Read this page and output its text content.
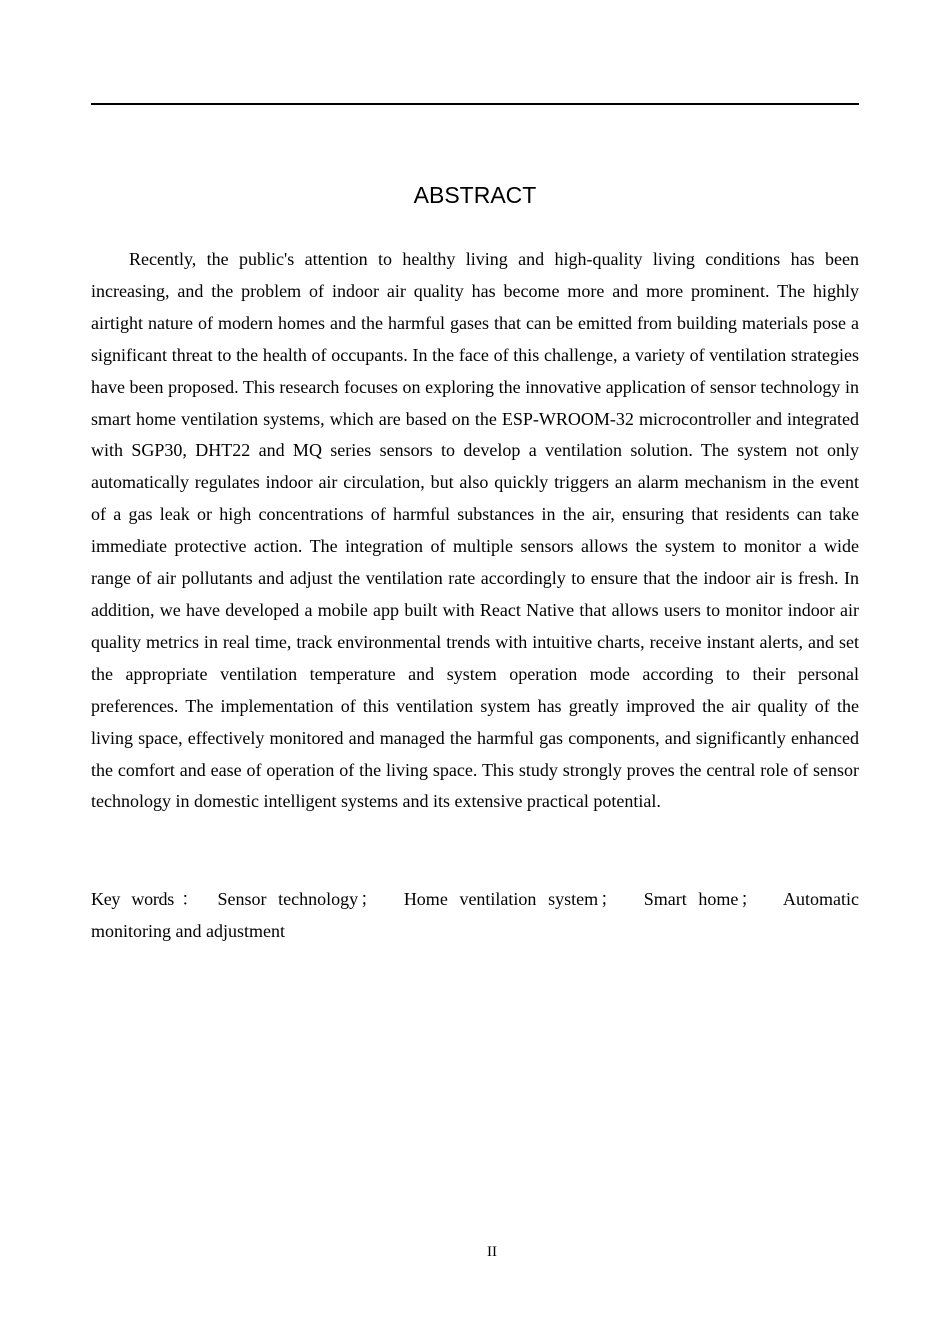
ABSTRACT

Recently, the public's attention to healthy living and high-quality living conditions has been increasing, and the problem of indoor air quality has become more and more prominent. The highly airtight nature of modern homes and the harmful gases that can be emitted from building materials pose a significant threat to the health of occupants. In the face of this challenge, a variety of ventilation strategies have been proposed. This research focuses on exploring the innovative application of sensor technology in smart home ventilation systems, which are based on the ESP-WROOM-32 microcontroller and integrated with SGP30, DHT22 and MQ series sensors to develop a ventilation solution. The system not only automatically regulates indoor air circulation, but also quickly triggers an alarm mechanism in the event of a gas leak or high concentrations of harmful substances in the air, ensuring that residents can take immediate protective action. The integration of multiple sensors allows the system to monitor a wide range of air pollutants and adjust the ventilation rate accordingly to ensure that the indoor air is fresh. In addition, we have developed a mobile app built with React Native that allows users to monitor indoor air quality metrics in real time, track environmental trends with intuitive charts, receive instant alerts, and set the appropriate ventilation temperature and system operation mode according to their personal preferences. The implementation of this ventilation system has greatly improved the air quality of the living space, effectively monitored and managed the harmful gas components, and significantly enhanced the comfort and ease of operation of the living space. This study strongly proves the central role of sensor technology in domestic intelligent systems and its extensive practical potential.

Key words： Sensor technology ； Home ventilation system ； Smart home ； Automatic monitoring and adjustment

II
